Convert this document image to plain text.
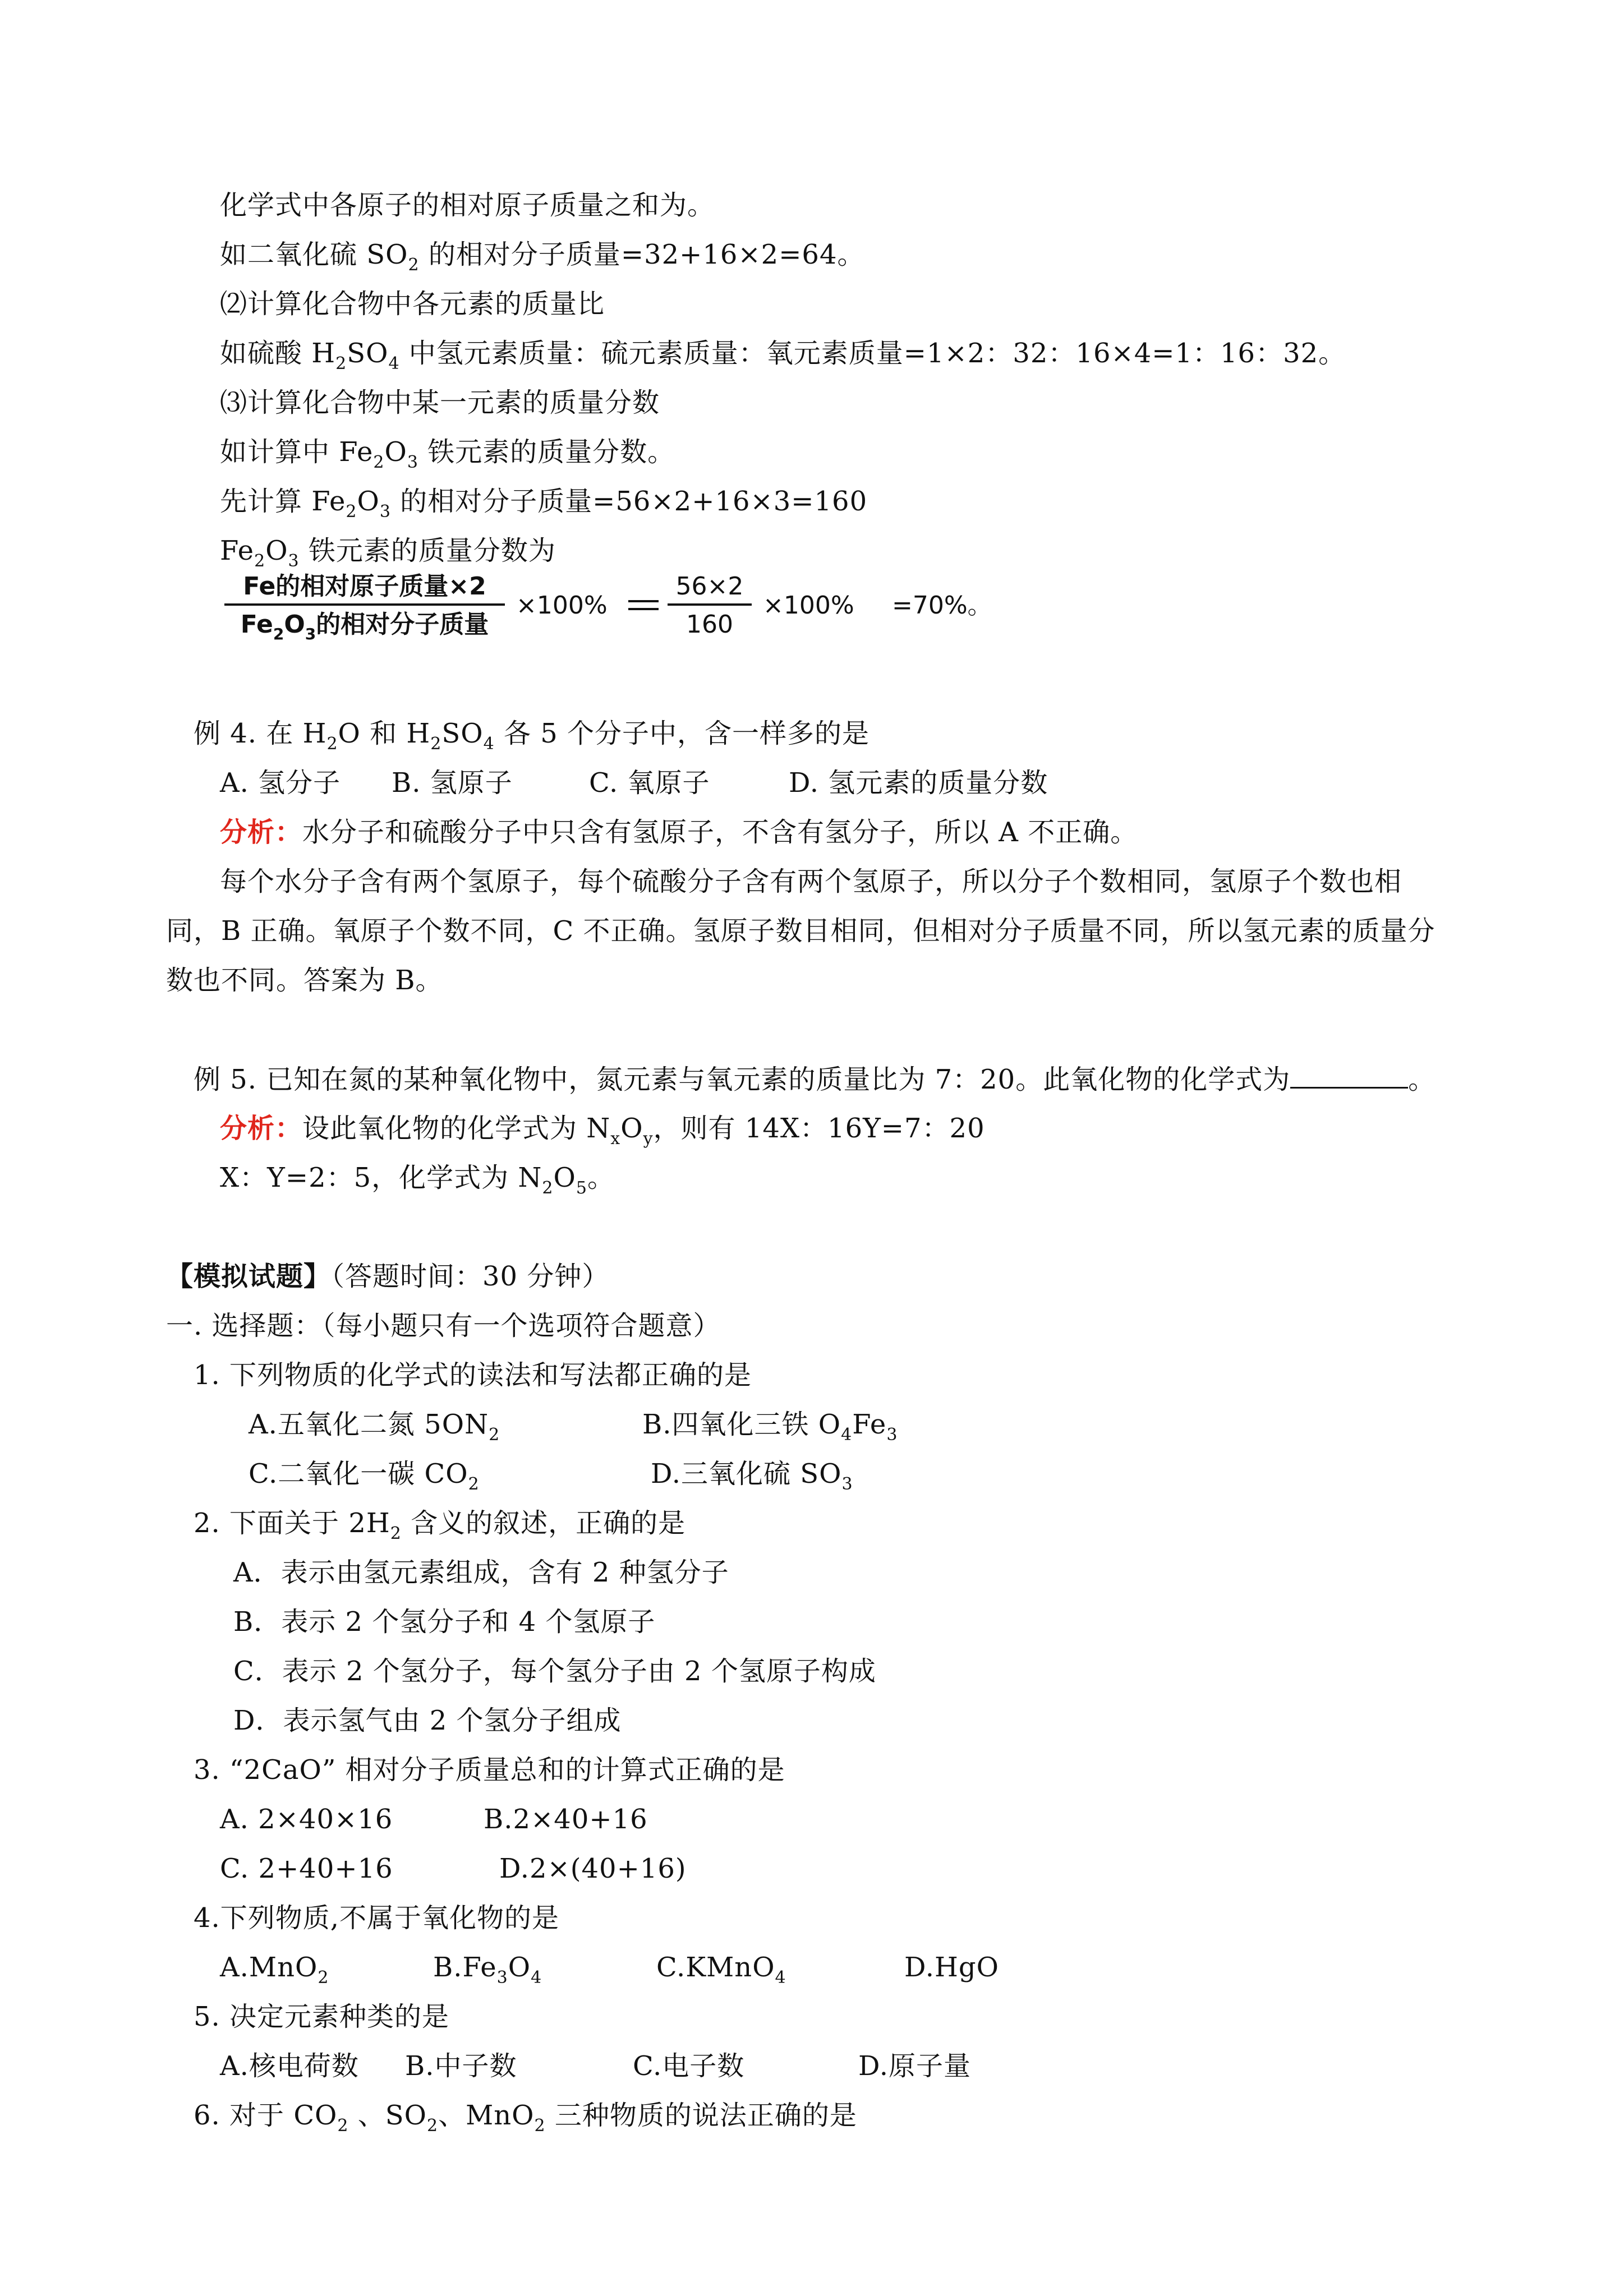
化学式中各原子的相对原子质量之和为。
如二氧化硫 SO2 的相对分子质量=32+16×2=64。
⑵计算化合物中各元素的质量比
如硫酸 H2SO4 中氢元素质量：硫元素质量：氧元素质量=1×2：32：16×4=1：16：32。
⑶计算化合物中某一元素的质量分数
如计算中 Fe2O3 铁元素的质量分数。
先计算 Fe2O3 的相对分子质量=56×2+16×3=160
Fe2O3 铁元素的质量分数为
Fe的相对原子质量×2
Fe2O3的相对分子质量
×100%
56×2
160
×100% =70%。
例 4. 在 H2O 和 H2SO4 各 5 个分子中，含一样多的是
A. 氢分子 B. 氢原子	C. 氧原子	D. 氢元素的质量分数
分析：水分子和硫酸分子中只含有氢原子，不含有氢分子，所以 A 不正确。
每个水分子含有两个氢原子，每个硫酸分子含有两个氢原子，所以分子个数相同，氢原子个数也相
同，B 正确。氧原子个数不同，C 不正确。氢原子数目相同，但相对分子质量不同，所以氢元素的质量分
数也不同。答案为 B。
例 5. 已知在氮的某种氧化物中，氮元素与氧元素的质量比为 7：20。此氧化物的化学式为	。
分析：设此氧化物的化学式为 NxOy，则有 14X：16Y=7：20
X：Y=2：5，化学式为 N2O5。
【模拟试题】（答题时间：30 分钟）
一. 选择题：（每小题只有一个选项符合题意）
1. 下列物质的化学式的读法和写法都正确的是
A.五氧化二氮 5ON2	B.四氧化三铁 O4Fe3
C.二氧化一碳 CO2	D.三氧化硫 SO3
2. 下面关于 2H2 含义的叙述，正确的是
A．表示由氢元素组成，含有 2 种氢分子
B．表示 2 个氢分子和 4 个氢原子
C．表示 2 个氢分子，每个氢分子由 2 个氢原子构成
D．表示氢气由 2 个氢分子组成
3. “2CaO” 相对分子质量总和的计算式正确的是
A. 2×40×16	B.2×40+16
C. 2+40+16	D.2×(40+16)
4.下列物质,不属于氧化物的是
A.MnO2	B.Fe3O4	C.KMnO4	D.HgO
5. 决定元素种类的是
A.核电荷数 B.中子数	C.电子数	D.原子量
6. 对于 CO2 、SO2、MnO2 三种物质的说法正确的是
